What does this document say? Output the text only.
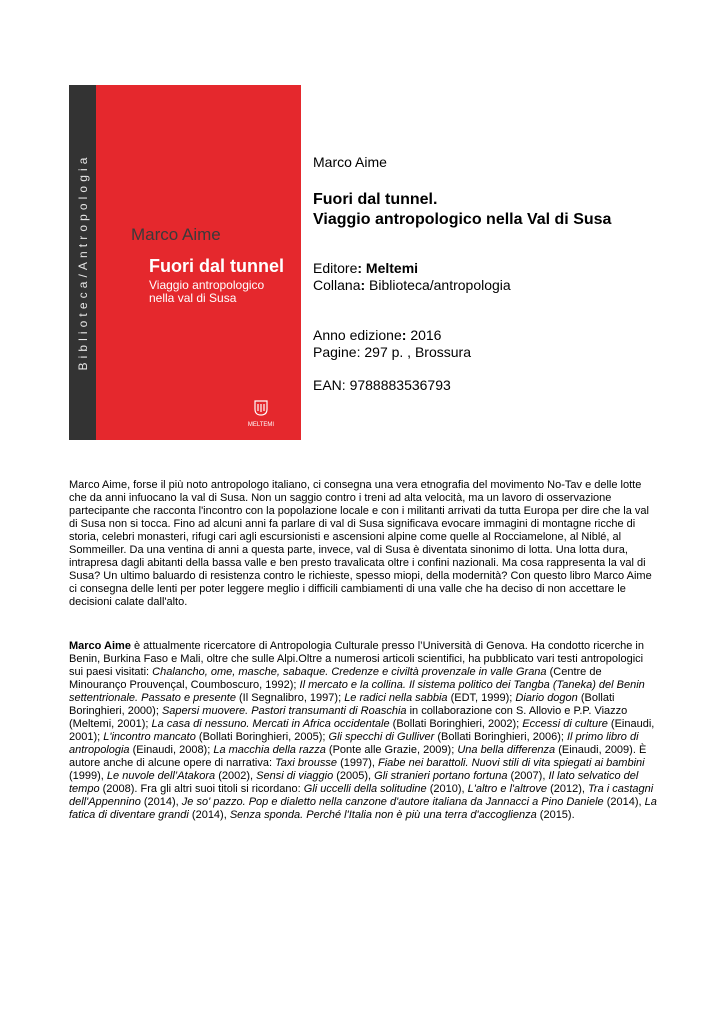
Biblioteca/Antropologia Marco Aime
Fuori dal tunnel
Viaggio antropologico
nella val di Susa
MELTEMI
Marco Aime
Fuori dal tunnel.
Viaggio antropologico nella Val di Susa
Editore: Meltemi
Collana: Biblioteca/antropologia
Anno edizione: 2016
Pagine: 297 p. , Brossura
EAN: 9788883536793

Marco Aime, forse il più noto antropologo italiano, ci consegna una vera etnografia del movimento No-Tav e delle lotte che da anni infuocano la val di Susa. Non un saggio contro i treni ad alta velocità, ma un lavoro di osservazione partecipante che racconta l'incontro con la popolazione locale e con i militanti arrivati da tutta Europa per dire che la val di Susa non si tocca. Fino ad alcuni anni fa parlare di val di Susa significava evocare immagini di montagne ricche di storia, celebri monasteri, rifugi cari agli escursionisti e ascensioni alpine come quelle al Rocciamelone, al Niblé, al Sommeiller. Da una ventina di anni a questa parte, invece, val di Susa è diventata sinonimo di lotta. Una lotta dura, intrapresa dagli abitanti della bassa valle e ben presto travalicata oltre i confini nazionali. Ma cosa rappresenta la val di Susa? Un ultimo baluardo di resistenza contro le richieste, spesso miopi, della modernità? Con questo libro Marco Aime ci consegna delle lenti per poter leggere meglio i difficili cambiamenti di una valle che ha deciso di non accettare le decisioni calate dall'alto.

Marco Aime è attualmente ricercatore di Antropologia Culturale presso l’Università di Genova. Ha condotto ricerche in Benin, Burkina Faso e Mali, oltre che sulle Alpi.Oltre a numerosi articoli scientifici, ha pubblicato vari testi antropologici sui paesi visitati: Chalancho, ome, masche, sabaque. Credenze e civiltà provenzale in valle Grana (Centre de Minouranço Prouvençal, Coumboscuro, 1992); Il mercato e la collina. Il sistema politico dei Tangba (Taneka) del Benin settentrionale. Passato e presente (Il Segnalibro, 1997); Le radici nella sabbia (EDT, 1999); Diario dogon (Bollati Boringhieri, 2000); Sapersi muovere. Pastori transumanti di Roaschia in collaborazione con S. Allovio e P.P. Viazzo (Meltemi, 2001); La casa di nessuno. Mercati in Africa occidentale (Bollati Boringhieri, 2002); Eccessi di culture (Einaudi, 2001); L'incontro mancato (Bollati Boringhieri, 2005); Gli specchi di Gulliver (Bollati Boringhieri, 2006); Il primo libro di antropologia (Einaudi, 2008); La macchia della razza (Ponte alle Grazie, 2009); Una bella differenza (Einaudi, 2009). È autore anche di alcune opere di narrativa: Taxi brousse (1997), Fiabe nei barattoli. Nuovi stili di vita spiegati ai bambini (1999), Le nuvole dell’Atakora (2002), Sensi di viaggio (2005), Gli stranieri portano fortuna (2007), Il lato selvatico del tempo (2008). Fra gli altri suoi titoli si ricordano: Gli uccelli della solitudine (2010), L'altro e l'altrove (2012), Tra i castagni dell'Appennino (2014), Je so' pazzo. Pop e dialetto nella canzone d'autore italiana da Jannacci a Pino Daniele (2014), La fatica di diventare grandi (2014), Senza sponda. Perché l'Italia non è più una terra d'accoglienza (2015).
